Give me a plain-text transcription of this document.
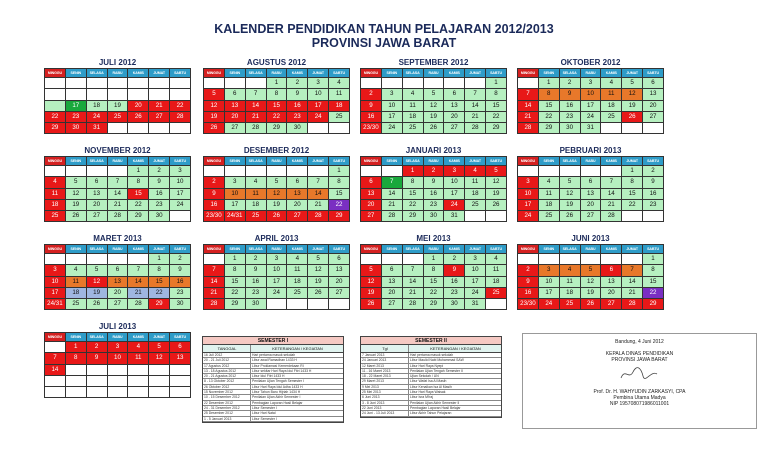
KALENDER PENDIDIKAN TAHUN PELAJARAN 2012/2013
PROVINSI JAWA BARAT
JULI 2012
MINGGU	SENIN	SELASA	RABU	KAMIS	JUMAT	SABTU

	17	18	19	20	21	22
22	23	24	25	26	27	28
29	30	31				
AGUSTUS 2012
MINGGU	SENIN	SELASA	RABU	KAMIS	JUMAT	SABTU
			1	2	3	4
5	6	7	8	9	10	11
12	13	14	15	16	17	18
19	20	21	22	23	24	25
26	27	28	29	30		
SEPTEMBER 2012
MINGGU	SENIN	SELASA	RABU	KAMIS	JUMAT	SABTU
						1
2	3	4	5	6	7	8
9	10	11	12	13	14	15
16	17	18	19	20	21	22
23/30	24	25	26	27	28	29
OKTOBER 2012
MINGGU	SENIN	SELASA	RABU	KAMIS	JUMAT	SABTU
	1	2	3	4	5	6
7	8	9	10	11	12	13
14	15	16	17	18	19	20
21	22	23	24	25	26	27
28	29	30	31			
NOVEMBER 2012
MINGGU	SENIN	SELASA	RABU	KAMIS	JUMAT	SABTU
				1	2	3
4	5	6	7	8	9	10
11	12	13	14	15	16	17
18	19	20	21	22	23	24
25	26	27	28	29	30	
DESEMBER 2012
MINGGU	SENIN	SELASA	RABU	KAMIS	JUMAT	SABTU
						1
2	3	4	5	6	7	8
9	10	11	12	13	14	15
16	17	18	19	20	21	22
23/30	24/31	25	26	27	28	29
JANUARI 2013
MINGGU	SENIN	SELASA	RABU	KAMIS	JUMAT	SABTU
		1	2	3	4	5
6	7	8	9	10	11	12
13	14	15	16	17	18	19
20	21	22	23	24	25	26
27	28	29	30	31		
PEBRUARI 2013
MINGGU	SENIN	SELASA	RABU	KAMIS	JUMAT	SABTU
					1	2
3	4	5	6	7	8	9
10	11	12	13	14	15	16
17	18	19	20	21	22	23
24	25	26	27	28		
MARET 2013
MINGGU	SENIN	SELASA	RABU	KAMIS	JUMAT	SABTU
					1	2
3	4	5	6	7	8	9
10	11	12	13	14	15	16
17	18	19	20	21	22	23
24/31	25	26	27	28	29	30
APRIL 2013
MINGGU	SENIN	SELASA	RABU	KAMIS	JUMAT	SABTU
	1	2	3	4	5	6
7	8	9	10	11	12	13
14	15	16	17	18	19	20
21	22	23	24	25	26	27
28	29	30				
MEI 2013
MINGGU	SENIN	SELASA	RABU	KAMIS	JUMAT	SABTU
			1	2	3	4
5	6	7	8	9	10	11
12	13	14	15	16	17	18
19	20	21	22	23	24	25
26	27	28	29	30	31	
JUNI 2013
MINGGU	SENIN	SELASA	RABU	KAMIS	JUMAT	SABTU
						1
2	3	4	5	6	7	8
9	10	11	12	13	14	15
16	17	18	19	20	21	22
23/30	24	25	26	27	28	29
JULI 2013
MINGGU	SENIN	SELASA	RABU	KAMIS	JUMAT	SABTU
	1	2	3	4	5	6
7	8	9	10	11	12	13
14						

SEMESTER I
TANGGAL	KETERANGAN / KEGIATAN
16 Juli 2012	Hari pertama masuk sekolah
20 - 21 Juli 2012	Libur awal Ramadhan 1433 H
17 Agustus 2012	Libur Proklamasi Kemerdekaan RI
13 - 18 Agustus 2012	Libur sekitar Hari Raya Idul Fitri 1433 H
20 - 21 Agustus 2012	Libur Idul Fitri 1433 H
8 - 13 Oktober 2012	Penilaian Ujian Tengah Semester I
26 Oktober 2012	Libur Hari Raya Idul Adha 1433 H
15 November 2012	Libur Tahun Baru Hijriah 1434 H
10 - 15 Desember 2012	Penilaian Ujian Akhir Semester I
22 Desember 2012	Pembagian Laporan Hasil Belajar
24 - 31 Desember 2012	Libur Semester I
25 Desember 2012	Libur Hari Natal
1 - 5 Januari 2013	Libur Semester I
SEMESTER II
Tgl	KETERANGAN / KEGIATAN
7 Januari 2013	Hari pertama masuk sekolah
24 Januari 2013	Libur Maulid Nabi Muhammad SAW
12 Maret 2013	Libur Hari Raya Nyepi
11 - 16 Maret 2013	Penilaian Ujian Tengah Semester II
18 - 22 Maret 2013	Ujian Sekolah / UN
29 Maret 2013	Libur Wafat Isa Al Masih
9 Mei 2013	Libur Kenaikan Isa Al Masih
25 Mei 2013	Libur Hari Raya Waisak
6 Juni 2013	Libur Isra Mi'raj
3 - 8 Juni 2013	Penilaian Ujian Akhir Semester II
22 Juni 2013	Pembagian Laporan Hasil Belajar
24 Juni - 13 Juli 2013	Libur Akhir Tahun Pelajaran
Bandung, 4 Juni 2012
KEPALA DINAS PENDIDIKAN
PROVINSI JAWA BARAT
Prof. Dr. H. WAHYUDIN ZARKASYI, CPA
Pembina Utama Madya
NIP 195708071986011001
